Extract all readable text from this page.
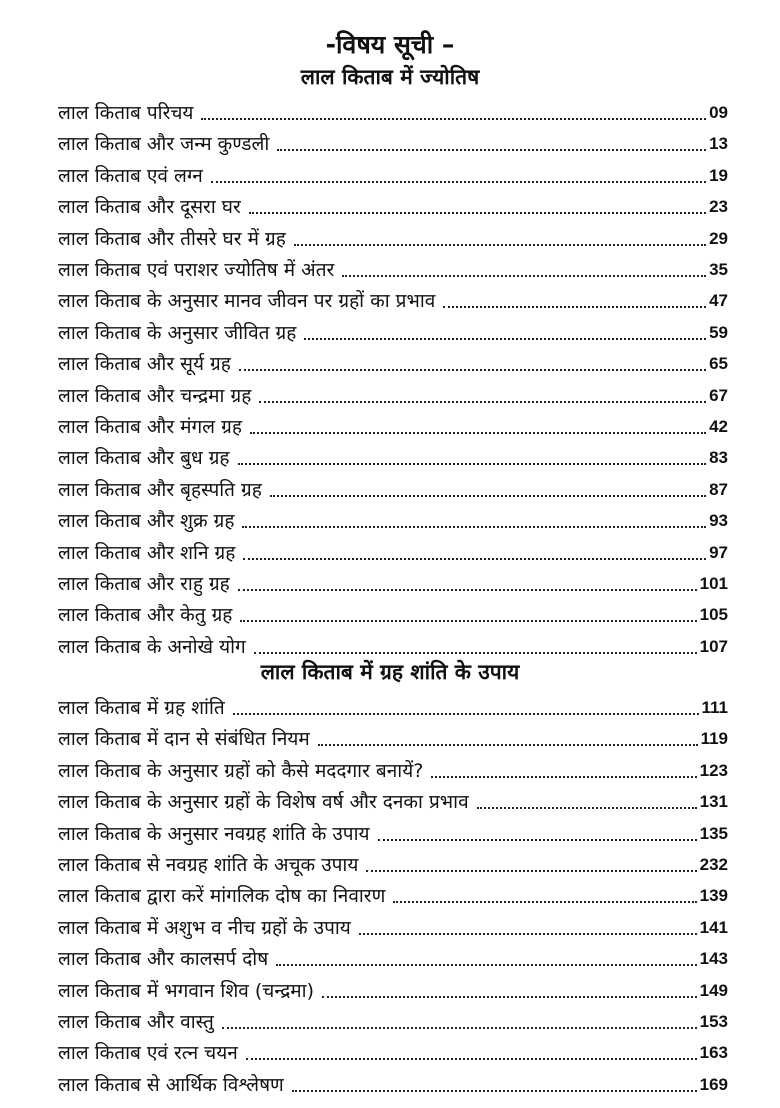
-विषय सूची –
लाल किताब में ज्योतिष
लाल किताब परिचय	09
लाल किताब और जन्म कुण्डली	13
लाल किताब एवं लग्न	19
लाल किताब और दूसरा घर	23
लाल किताब और तीसरे घर में ग्रह	29
लाल किताब एवं पराशर ज्योतिष में अंतर	35
लाल किताब के अनुसार मानव जीवन पर ग्रहों का प्रभाव	47
लाल किताब के अनुसार जीवित ग्रह	59
लाल किताब और सूर्य ग्रह	65
लाल किताब और चन्द्रमा ग्रह	67
लाल किताब और मंगल ग्रह	42
लाल किताब और बुध ग्रह	83
लाल किताब और बृहस्पति ग्रह	87
लाल किताब और शुक्र ग्रह	93
लाल किताब और शनि ग्रह	97
लाल किताब और राहु ग्रह	101
लाल किताब और केतु ग्रह	105
लाल किताब के अनोखे योग	107
लाल किताब में ग्रह शांति के उपाय
लाल किताब में ग्रह शांति	111
लाल किताब में दान से संबंधित नियम	119
लाल किताब के अनुसार ग्रहों को कैसे मददगार बनायें?	123
लाल किताब के अनुसार ग्रहों के विशेष वर्ष और दनका प्रभाव	131
लाल किताब के अनुसार नवग्रह शांति के उपाय	135
लाल किताब से नवग्रह शांति के अचूक उपाय	232
लाल किताब द्वारा करें मांगलिक दोष का निवारण	139
लाल किताब में अशुभ व नीच ग्रहों के उपाय	141
लाल किताब और कालसर्प दोष	143
लाल किताब में भगवान शिव (चन्द्रमा)	149
लाल किताब और वास्तु	153
लाल किताब एवं रत्न चयन	163
लाल किताब से आर्थिक विश्लेषण	169
